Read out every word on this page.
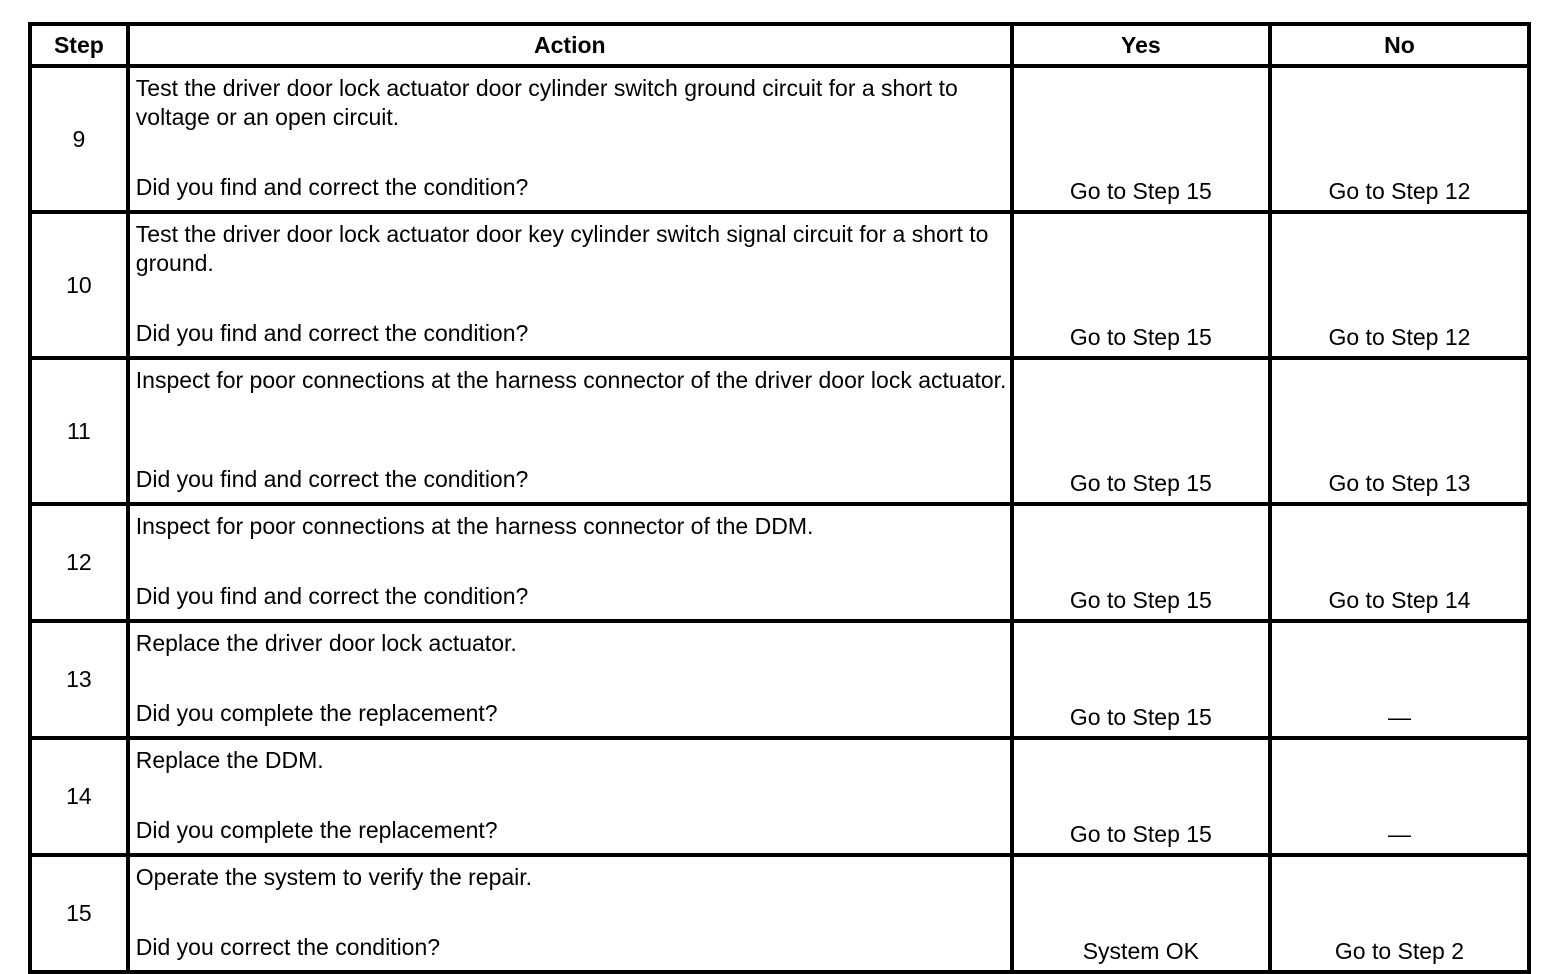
Step	Action	Yes	No
9	Test the driver door lock actuator door cylinder switch ground circuit for a short to voltage or an open circuit.
Did you find and correct the condition?	Go to Step 15	Go to Step 12
10	Test the driver door lock actuator door key cylinder switch signal circuit for a short to ground.
Did you find and correct the condition?	Go to Step 15	Go to Step 12
11	Inspect for poor connections at the harness connector of the driver door lock actuator.
Did you find and correct the condition?	Go to Step 15	Go to Step 13
12	Inspect for poor connections at the harness connector of the DDM.
Did you find and correct the condition?	Go to Step 15	Go to Step 14
13	Replace the driver door lock actuator.
Did you complete the replacement?	Go to Step 15	—
14	Replace the DDM.
Did you complete the replacement?	Go to Step 15	—
15	Operate the system to verify the repair.
Did you correct the condition?	System OK	Go to Step 2
